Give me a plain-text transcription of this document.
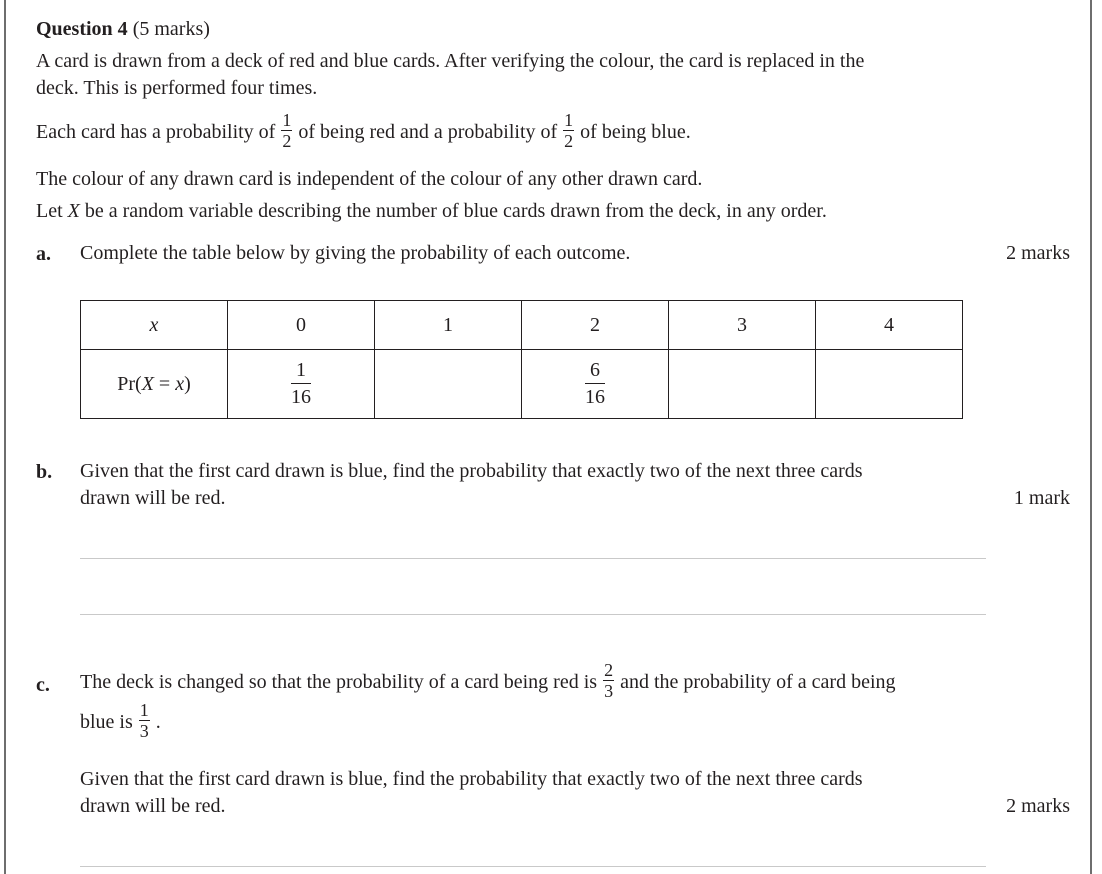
Question 4 (5 marks)
A card is drawn from a deck of red and blue cards. After verifying the colour, the card is replaced in the
deck. This is performed four times.
Each card has a probability of $\frac{1}{2}$ of being red and a probability of $\frac{1}{2}$ of being blue.
The colour of any drawn card is independent of the colour of any other drawn card.
Let X be a random variable describing the number of blue cards drawn from the deck, in any order.
a. Complete the table below by giving the probability of each outcome.	2 marks
x	0	1	2	3	4
Pr(X = x)	$\frac{1}{16}$		$\frac{6}{16}$		
b. Given that the first card drawn is blue, find the probability that exactly two of the next three cards
drawn will be red.	1 mark
c. The deck is changed so that the probability of a card being red is $\frac{2}{3}$ and the probability of a card being
blue is $\frac{1}{3}$ .
Given that the first card drawn is blue, find the probability that exactly two of the next three cards
drawn will be red.	2 marks
